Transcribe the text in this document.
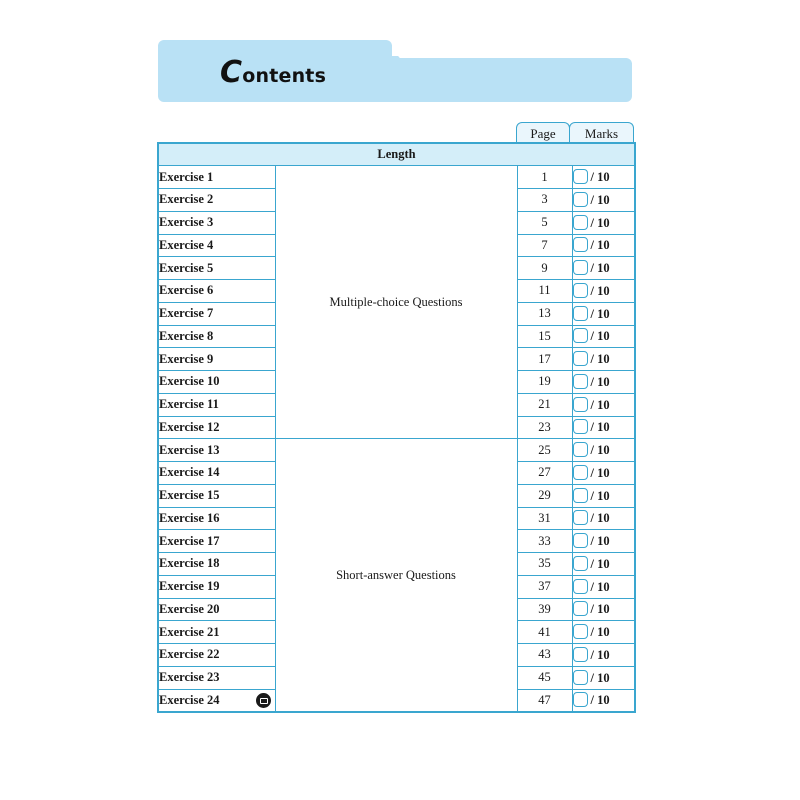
Contents
Page	Marks
Length			
Exercise 1	Multiple-choice Questions	1	/ 10
Exercise 2		3	/ 10
Exercise 3		5	/ 10
Exercise 4		7	/ 10
Exercise 5		9	/ 10
Exercise 6		11	/ 10
Exercise 7		13	/ 10
Exercise 8		15	/ 10
Exercise 9		17	/ 10
Exercise 10		19	/ 10
Exercise 11		21	/ 10
Exercise 12		23	/ 10
Exercise 13	Short-answer Questions	25	/ 10
Exercise 14		27	/ 10
Exercise 15		29	/ 10
Exercise 16		31	/ 10
Exercise 17		33	/ 10
Exercise 18		35	/ 10
Exercise 19		37	/ 10
Exercise 20		39	/ 10
Exercise 21		41	/ 10
Exercise 22		43	/ 10
Exercise 23		45	/ 10
Exercise 24		47	/ 10
